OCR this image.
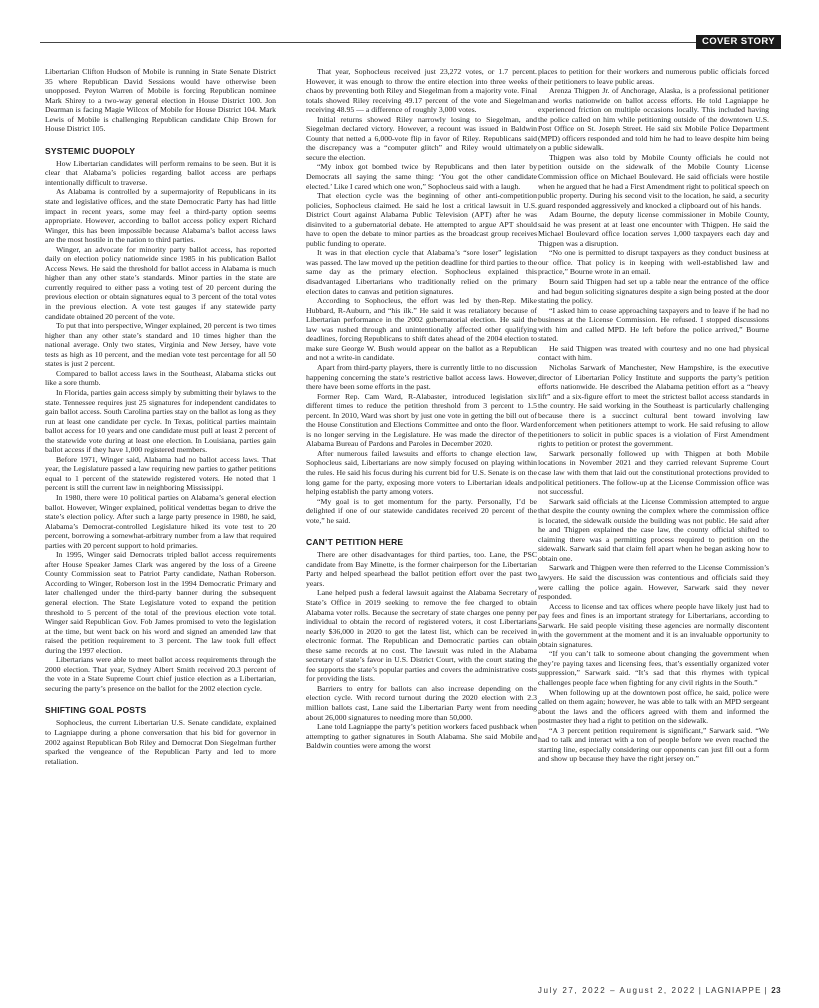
COVER STORY

Libertarian Clifton Hudson of Mobile is running in State Senate District 35 where Republican David Sessions would have otherwise been unopposed. Peyton Warren of Mobile is forcing Republican nominee Mark Shirey to a two-way general election in House District 100. Jon Dearman is facing Magie Wilcox of Mobile for House District 104. Mark Lewis of Mobile is challenging Republican candidate Chip Brown for House District 105.

SYSTEMIC DUOPOLY

How Libertarian candidates will perform remains to be seen. But it is clear that Alabama’s policies regarding ballot access are perhaps intentionally difficult to traverse.

As Alabama is controlled by a supermajority of Republicans in its state and legislative offices, and the state Democratic Party has had little impact in recent years, some may feel a third-party option seems appropriate. However, according to ballot access policy expert Richard Winger, this has been impossible because Alabama’s ballot access laws are the most hostile in the nation to third parties.

Winger, an advocate for minority party ballot access, has reported daily on election policy nationwide since 1985 in his publication Ballot Access News. He said the threshold for ballot access in Alabama is much higher than any other state’s standards. Minor parties in the state are currently required to either pass a voting test of 20 percent during the previous election or obtain signatures equal to 3 percent of the total votes in the previous election. A vote test gauges if any statewide party candidate obtained 20 percent of the vote.

To put that into perspective, Winger explained, 20 percent is two times higher than any other state’s standard and 10 times higher than the national average. Only two states, Virginia and New Jersey, have vote tests as high as 10 percent, and the median vote test percentage for all 50 states is just 2 percent.

Compared to ballot access laws in the Southeast, Alabama sticks out like a sore thumb.

In Florida, parties gain access simply by submitting their bylaws to the state. Tennessee requires just 25 signatures for independent candidates to gain ballot access. South Carolina parties stay on the ballot as long as they run at least one candidate per cycle. In Texas, political parties maintain ballot access for 10 years and one candidate must pull at least 2 percent of the statewide vote during at least one election. In Louisiana, parties gain ballot access if they have 1,000 registered members.

Before 1971, Winger said, Alabama had no ballot access laws. That year, the Legislature passed a law requiring new parties to gather petitions equal to 1 percent of the statewide registered voters. He noted that 1 percent is still the current law in neighboring Mississippi.

In 1980, there were 10 political parties on Alabama’s general election ballot. However, Winger explained, political vendettas began to drive the state’s election policy. After such a large party presence in 1980, he said, Alabama’s Democrat-controlled Legislature hiked its vote test to 20 percent, borrowing a somewhat-arbitrary number from a law that required parties with 20 percent support to hold primaries.

In 1995, Winger said Democrats tripled ballot access requirements after House Speaker James Clark was angered by the loss of a Greene County Commission seat to Patriot Party candidate, Nathan Roberson. According to Winger, Roberson lost in the 1994 Democratic Primary and later challenged under the third-party banner during the subsequent general election. The State Legislature voted to expand the petition threshold to 5 percent of the total of the previous election vote total. Winger said Republican Gov. Fob James promised to veto the legislation at the time, but went back on his word and signed an amended law that raised the petition requirement to 3 percent. The law took full effect during the 1997 election.

Libertarians were able to meet ballot access requirements through the 2000 election. That year, Sydney Albert Smith received 20.3 percent of the vote in a State Supreme Court chief justice election as a Libertarian, securing the party’s presence on the ballot for the 2002 election cycle.

SHIFTING GOAL POSTS

Sophocleus, the current Libertarian U.S. Senate candidate, explained to Lagniappe during a phone conversation that his bid for governor in 2002 against Republican Bob Riley and Democrat Don Siegelman further sparked the vengeance of the Republican Party and led to more retaliation.

That year, Sophocleus received just 23,272 votes, or 1.7 percent. However, it was enough to throw the entire election into three weeks of chaos by preventing both Riley and Siegelman from a majority vote. Final totals showed Riley receiving 49.17 percent of the vote and Siegelman receiving 48.95 — a difference of roughly 3,000 votes.

Initial returns showed Riley narrowly losing to Siegelman, and Siegelman declared victory. However, a recount was issued in Baldwin County that netted a 6,000-vote flip in favor of Riley. Republicans said the discrepancy was a “computer glitch” and Riley would ultimately secure the election.

“My inbox got bombed twice by Republicans and then later by Democrats all saying the same thing: ‘You got the other candidate elected.’ Like I cared which one won,” Sophocleus said with a laugh.

That election cycle was the beginning of other anti-competition policies, Sophocleus claimed. He said he lost a critical lawsuit in U.S. District Court against Alabama Public Television (APT) after he was disinvited to a gubernatorial debate. He attempted to argue APT should have to open the debate to minor parties as the broadcast group receives public funding to operate.

It was in that election cycle that Alabama’s “sore loser” legislation was passed. The law moved up the petition deadline for third parties to the same day as the primary election. Sophocleus explained this disadvantaged Libertarians who traditionally relied on the primary election dates to canvas and petition signatures.

According to Sophocleus, the effort was led by then-Rep. Mike Hubbard, R-Auburn, and “his ilk.” He said it was retaliatory because of Libertarian performance in the 2002 gubernatorial election. He said the law was rushed through and unintentionally affected other qualifying deadlines, forcing Republicans to shift dates ahead of the 2004 election to make sure George W. Bush would appear on the ballot as a Republican and not a write-in candidate.

Apart from third-party players, there is currently little to no discussion happening concerning the state’s restrictive ballot access laws. However, there have been some efforts in the past.

Former Rep. Cam Ward, R-Alabaster, introduced legislation six different times to reduce the petition threshold from 3 percent to 1.5 percent. In 2010, Ward was short by just one vote in getting the bill out of the House Constitution and Elections Committee and onto the floor. Ward is no longer serving in the Legislature. He was made the director of the Alabama Bureau of Pardons and Paroles in December 2020.

After numerous failed lawsuits and efforts to change election law, Sophocleus said, Libertarians are now simply focused on playing within the rules. He said his focus during his current bid for U.S. Senate is on the long game for the party, exposing more voters to Libertarian ideals and helping establish the party among voters.

“My goal is to get momentum for the party. Personally, I’d be delighted if one of our statewide candidates received 20 percent of the vote,” he said.

CAN’T PETITION HERE

There are other disadvantages for third parties, too. Lane, the PSC candidate from Bay Minette, is the former chairperson for the Libertarian Party and helped spearhead the ballot petition effort over the past two years.

Lane helped push a federal lawsuit against the Alabama Secretary of State’s Office in 2019 seeking to remove the fee charged to obtain Alabama voter rolls. Because the secretary of state charges one penny per individual to obtain the record of registered voters, it cost Libertarians nearly $36,000 in 2020 to get the latest list, which can be received in electronic format. The Republican and Democratic parties can obtain these same records at no cost. The lawsuit was ruled in the Alabama secretary of state’s favor in U.S. District Court, with the court stating the fee supports the state’s popular parties and covers the administrative costs for providing the lists.

Barriers to entry for ballots can also increase depending on the election cycle. With record turnout during the 2020 election with 2.3 million ballots cast, Lane said the Libertarian Party went from needing about 26,000 signatures to needing more than 50,000.

Lane told Lagniappe the party’s petition workers faced pushback when attempting to gather signatures in South Alabama. She said Mobile and Baldwin counties were among the worst

places to petition for their workers and numerous public officials forced their petitioners to leave public areas.

Arenza Thigpen Jr. of Anchorage, Alaska, is a professional petitioner and works nationwide on ballot access efforts. He told Lagniappe he experienced friction on multiple occasions locally. This included having the police called on him while petitioning outside of the downtown U.S. Post Office on St. Joseph Street. He said six Mobile Police Department (MPD) officers responded and told him he had to leave despite him being on a public sidewalk.

Thigpen was also told by Mobile County officials he could not petition outside on the sidewalk of the Mobile County License Commission office on Michael Boulevard. He said officials were hostile when he argued that he had a First Amendment right to political speech on public property. During his second visit to the location, he said, a security guard responded aggressively and knocked a clipboard out of his hands.

Adam Bourne, the deputy license commissioner in Mobile County, said he was present at at least one encounter with Thigpen. He said the Michael Boulevard office location serves 1,000 taxpayers each day and Thigpen was a disruption.

“No one is permitted to disrupt taxpayers as they conduct business at our office. That policy is in keeping with well-established law and practice,” Bourne wrote in an email.

Bourn said Thigpen had set up a table near the entrance of the office and had begun soliciting signatures despite a sign being posted at the door stating the policy.

“I asked him to cease approaching taxpayers and to leave if he had no business at the License Commission. He refused. I stopped discussions with him and called MPD. He left before the police arrived,” Bourne stated.

He said Thigpen was treated with courtesy and no one had physical contact with him.

Nicholas Sarwark of Manchester, New Hampshire, is the executive director of Libertarian Policy Institute and supports the party’s petition efforts nationwide. He described the Alabama petition effort as a “heavy lift” and a six-figure effort to meet the strictest ballot access standards in the country. He said working in the Southeast is particularly challenging because there is a succinct cultural bent toward involving law enforcement when petitioners attempt to work. He said refusing to allow petitioners to solicit in public spaces is a violation of First Amendment rights to petition or protest the government.

Sarwark personally followed up with Thigpen at both Mobile locations in November 2021 and they carried relevant Supreme Court case law with them that laid out the constitutional protections provided to political petitioners. The follow-up at the License Commission office was not successful.

Sarwark said officials at the License Commission attempted to argue that despite the county owning the complex where the commission office is located, the sidewalk outside the building was not public. He said after he and Thigpen explained the case law, the county official shifted to claiming there was a permitting process required to petition on the sidewalk. Sarwark said that claim fell apart when he began asking how to obtain one.

Sarwark and Thigpen were then referred to the License Commission’s lawyers. He said the discussion was contentious and officials said they were calling the police again. However, Sarwark said they never responded.

Access to license and tax offices where people have likely just had to pay fees and fines is an important strategy for Libertarians, according to Sarwark. He said people visiting these agencies are normally discontent with the government at the moment and it is an invaluable opportunity to obtain signatures.

“If you can’t talk to someone about changing the government when they’re paying taxes and licensing fees, that’s essentially organized voter suppression,” Sarwark said. “It’s sad that this rhymes with typical challenges people face when fighting for any civil rights in the South.”

When following up at the downtown post office, he said, police were called on them again; however, he was able to talk with an MPD sergeant about the laws and the officers agreed with them and informed the postmaster they had a right to petition on the sidewalk.

“A 3 percent petition requirement is significant,” Sarwark said. “We had to talk and interact with a ton of people before we even reached the starting line, especially considering our opponents can just fill out a form and show up because they have the right jersey on.”

July 27, 2022 – August 2, 2022 | LAGNIAPPE | 23
